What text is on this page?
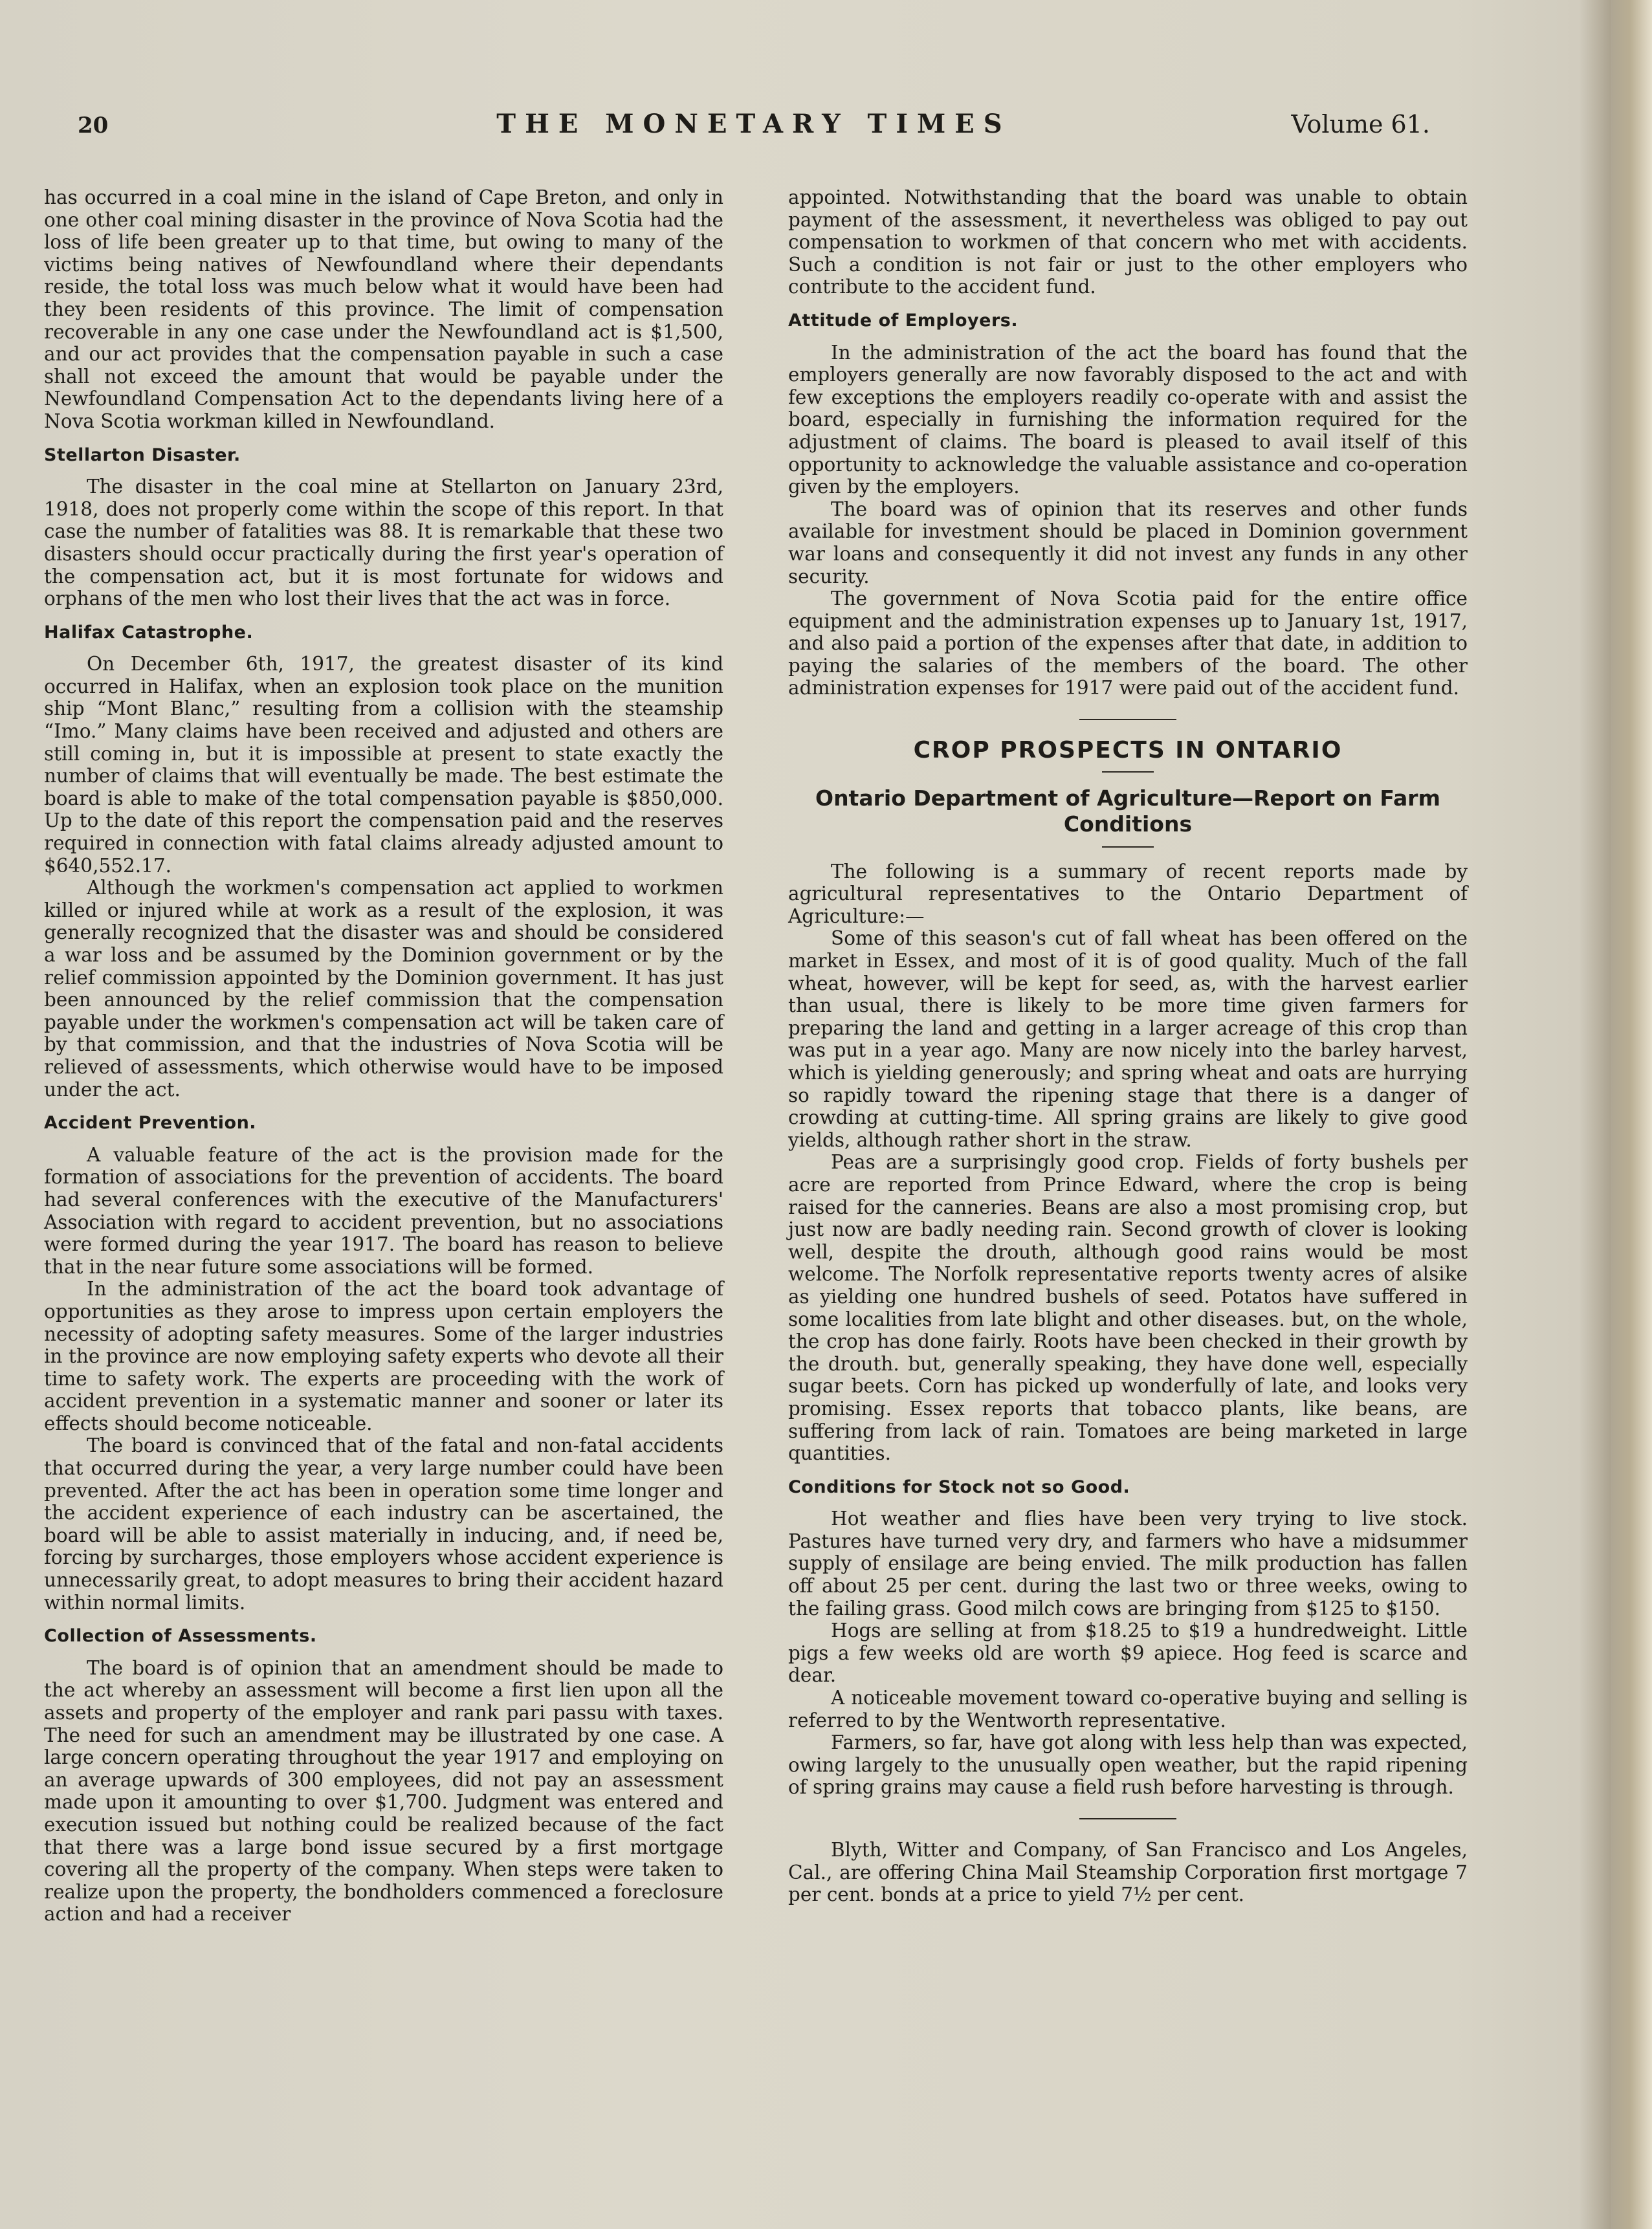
20	THE MONETARY TIMES	Volume 61.

has occurred in a coal mine in the island of Cape Breton, and only in one other coal mining disaster in the province of Nova Scotia had the loss of life been greater up to that time, but owing to many of the victims being natives of Newfoundland where their dependants reside, the total loss was much below what it would have been had they been residents of this province. The limit of compensation recoverable in any one case under the Newfoundland act is $1,500, and our act provides that the compensation payable in such a case shall not exceed the amount that would be payable under the Newfoundland Compensation Act to the dependants living here of a Nova Scotia workman killed in Newfoundland.

Stellarton Disaster.

The disaster in the coal mine at Stellarton on January 23rd, 1918, does not properly come within the scope of this report. In that case the number of fatalities was 88. It is remarkable that these two disasters should occur practically during the first year's operation of the compensation act, but it is most fortunate for widows and orphans of the men who lost their lives that the act was in force.

Halifax Catastrophe.

On December 6th, 1917, the greatest disaster of its kind occurred in Halifax, when an explosion took place on the munition ship “Mont Blanc,” resulting from a collision with the steamship “Imo.” Many claims have been received and adjusted and others are still coming in, but it is impossible at present to state exactly the number of claims that will eventually be made. The best estimate the board is able to make of the total compensation payable is $850,000. Up to the date of this report the compensation paid and the reserves required in connection with fatal claims already adjusted amount to $640,552.17.

Although the workmen's compensation act applied to workmen killed or injured while at work as a result of the explosion, it was generally recognized that the disaster was and should be considered a war loss and be assumed by the Dominion government or by the relief commission appointed by the Dominion government. It has just been announced by the relief commission that the compensation payable under the workmen's compensation act will be taken care of by that commission, and that the industries of Nova Scotia will be relieved of assessments, which otherwise would have to be imposed under the act.

Accident Prevention.

A valuable feature of the act is the provision made for the formation of associations for the prevention of accidents. The board had several conferences with the executive of the Manufacturers' Association with regard to accident prevention, but no associations were formed during the year 1917. The board has reason to believe that in the near future some associations will be formed.

In the administration of the act the board took advantage of opportunities as they arose to impress upon certain employers the necessity of adopting safety measures. Some of the larger industries in the province are now employing safety experts who devote all their time to safety work. The experts are proceeding with the work of accident prevention in a systematic manner and sooner or later its effects should become noticeable.

The board is convinced that of the fatal and non-fatal accidents that occurred during the year, a very large number could have been prevented. After the act has been in operation some time longer and the accident experience of each industry can be ascertained, the board will be able to assist materially in inducing, and, if need be, forcing by surcharges, those employers whose accident experience is unnecessarily great, to adopt measures to bring their accident hazard within normal limits.

Collection of Assessments.

The board is of opinion that an amendment should be made to the act whereby an assessment will become a first lien upon all the assets and property of the employer and rank pari passu with taxes. The need for such an amendment may be illustrated by one case. A large concern operating throughout the year 1917 and employing on an average upwards of 300 employees, did not pay an assessment made upon it amounting to over $1,700. Judgment was entered and execution issued but nothing could be realized because of the fact that there was a large bond issue secured by a first mortgage covering all the property of the company. When steps were taken to realize upon the property, the bondholders commenced a foreclosure action and had a receiver

appointed. Notwithstanding that the board was unable to obtain payment of the assessment, it nevertheless was obliged to pay out compensation to workmen of that concern who met with accidents. Such a condition is not fair or just to the other employers who contribute to the accident fund.

Attitude of Employers.

In the administration of the act the board has found that the employers generally are now favorably disposed to the act and with few exceptions the employers readily co-operate with and assist the board, especially in furnishing the information required for the adjustment of claims. The board is pleased to avail itself of this opportunity to acknowledge the valuable assistance and co-operation given by the employers.

The board was of opinion that its reserves and other funds available for investment should be placed in Dominion government war loans and consequently it did not invest any funds in any other security.

The government of Nova Scotia paid for the entire office equipment and the administration expenses up to January 1st, 1917, and also paid a portion of the expenses after that date, in addition to paying the salaries of the members of the board. The other administration expenses for 1917 were paid out of the accident fund.

CROP PROSPECTS IN ONTARIO
Ontario Department of Agriculture—Report on Farm Conditions

The following is a summary of recent reports made by agricultural representatives to the Ontario Department of Agriculture:—

Some of this season's cut of fall wheat has been offered on the market in Essex, and most of it is of good quality. Much of the fall wheat, however, will be kept for seed, as, with the harvest earlier than usual, there is likely to be more time given farmers for preparing the land and getting in a larger acreage of this crop than was put in a year ago. Many are now nicely into the barley harvest, which is yielding generously; and spring wheat and oats are hurrying so rapidly toward the ripening stage that there is a danger of crowding at cutting-time. All spring grains are likely to give good yields, although rather short in the straw.

Peas are a surprisingly good crop. Fields of forty bushels per acre are reported from Prince Edward, where the crop is being raised for the canneries. Beans are also a most promising crop, but just now are badly needing rain. Second growth of clover is looking well, despite the drouth, although good rains would be most welcome. The Norfolk representative reports twenty acres of alsike as yielding one hundred bushels of seed. Potatos have suffered in some localities from late blight and other diseases. but, on the whole, the crop has done fairly. Roots have been checked in their growth by the drouth. but, generally speaking, they have done well, especially sugar beets. Corn has picked up wonderfully of late, and looks very promising. Essex reports that tobacco plants, like beans, are suffering from lack of rain. Tomatoes are being marketed in large quantities.

Conditions for Stock not so Good.

Hot weather and flies have been very trying to live stock. Pastures have turned very dry, and farmers who have a midsummer supply of ensilage are being envied. The milk production has fallen off about 25 per cent. during the last two or three weeks, owing to the failing grass. Good milch cows are bringing from $125 to $150.

Hogs are selling at from $18.25 to $19 a hundredweight. Little pigs a few weeks old are worth $9 apiece. Hog feed is scarce and dear.

A noticeable movement toward co-operative buying and selling is referred to by the Wentworth representative.

Farmers, so far, have got along with less help than was expected, owing largely to the unusually open weather, but the rapid ripening of spring grains may cause a field rush before harvesting is through.

Blyth, Witter and Company, of San Francisco and Los Angeles, Cal., are offering China Mail Steamship Corporation first mortgage 7 per cent. bonds at a price to yield 7½ per cent.
